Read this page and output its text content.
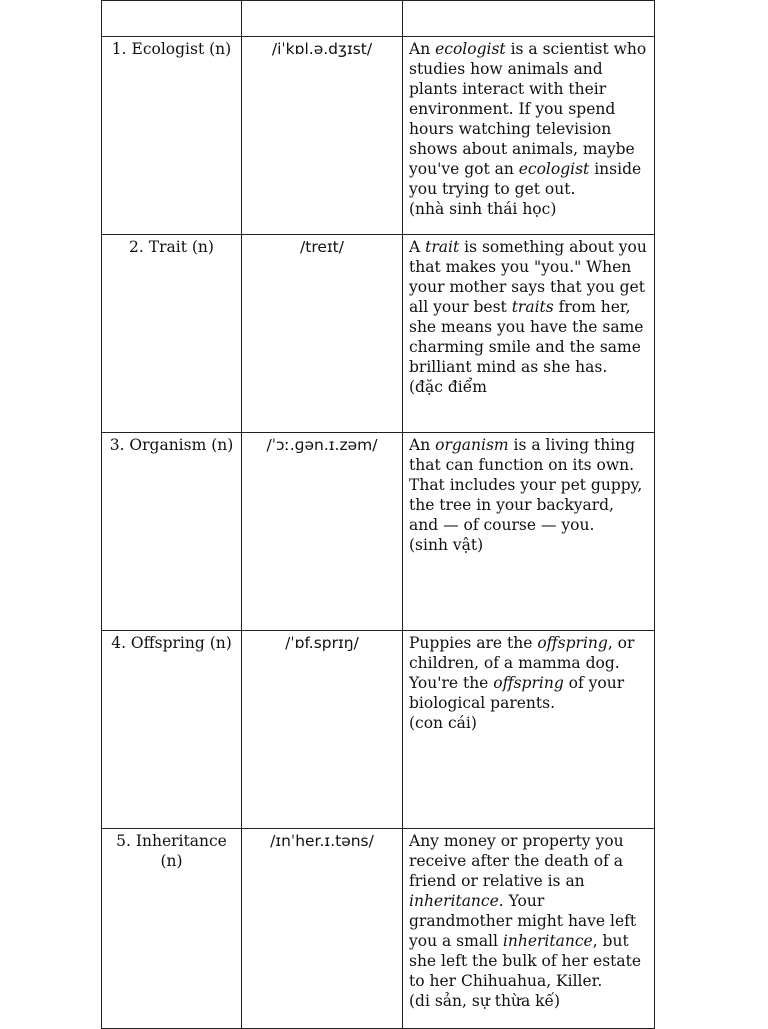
1. Ecologist (n)	/iˈkɒl.ə.dʒɪst/	An ecologist is a scientist who studies how animals and plants interact with their environment. If you spend hours watching television shows about animals, maybe you've got an ecologist inside you trying to get out.
(nhà sinh thái học)

2. Trait (n)	/treɪt/	A trait is something about you that makes you "you." When your mother says that you get all your best traits from her, she means you have the same charming smile and the same brilliant mind as she has.
(đặc điểm

3. Organism (n)	/ˈɔː.ɡən.ɪ.zəm/	An organism is a living thing that can function on its own. That includes your pet guppy, the tree in your backyard, and — of course — you.
(sinh vật)

4. Offspring (n)	/ˈɒf.sprɪŋ/	Puppies are the offspring, or children, of a mamma dog. You're the offspring of your biological parents.
(con cái)

5. Inheritance (n)	/ɪnˈher.ɪ.təns/	Any money or property you receive after the death of a friend or relative is an inheritance. Your grandmother might have left you a small inheritance, but she left the bulk of her estate to her Chihuahua, Killer.
(di sản, sự thừa kế)
